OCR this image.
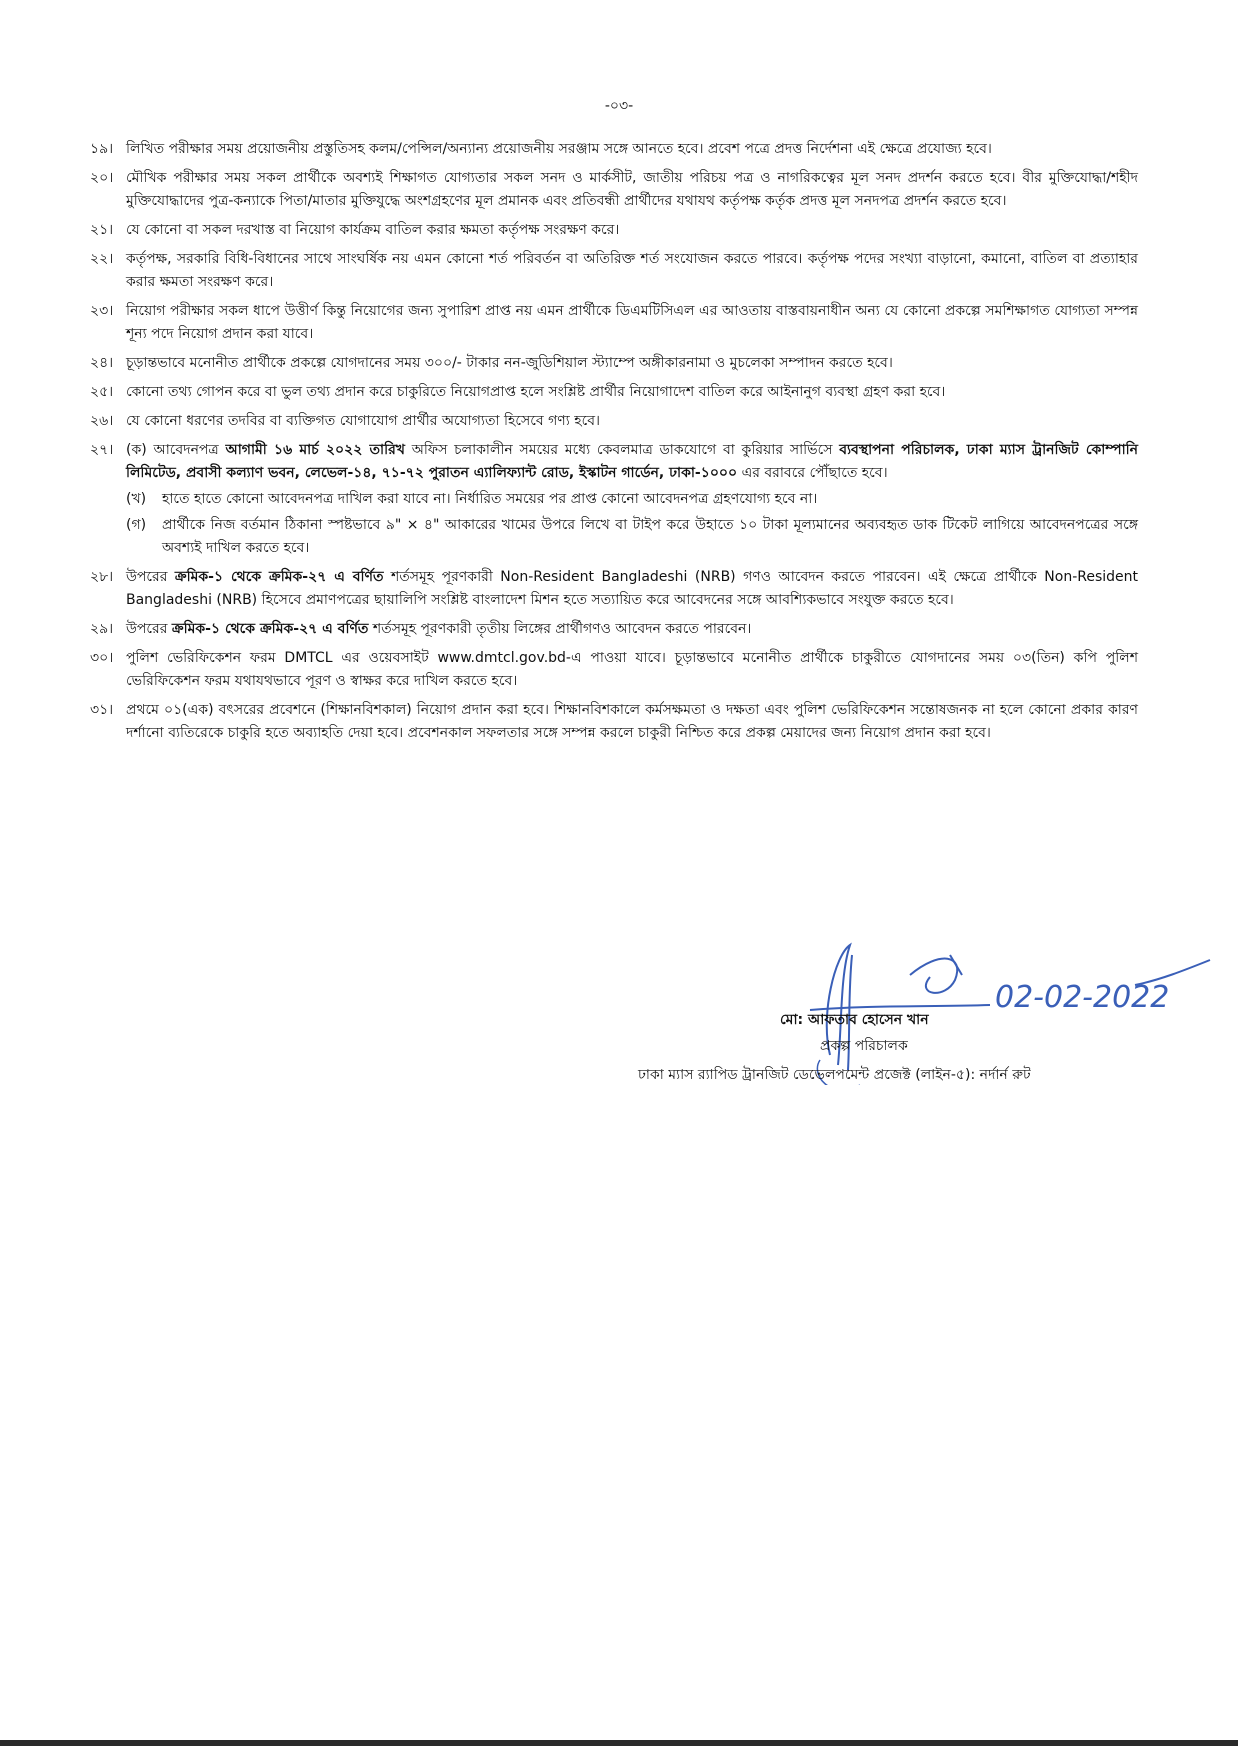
-০৩-
১৯। লিখিত পরীক্ষার সময় প্রয়োজনীয় প্রস্তুতিসহ কলম/পেন্সিল/অন্যান্য প্রয়োজনীয় সরঞ্জাম সঙ্গে আনতে হবে। প্রবেশ পত্রে প্রদত্ত নির্দেশনা এই ক্ষেত্রে প্রযোজ্য হবে।
২০। মৌখিক পরীক্ষার সময় সকল প্রার্থীকে অবশ্যই শিক্ষাগত যোগ্যতার সকল সনদ ও মার্কসীট, জাতীয় পরিচয় পত্র ও নাগরিকত্বের মূল সনদ প্রদর্শন করতে হবে। বীর মুক্তিযোদ্ধা/শহীদ মুক্তিযোদ্ধাদের পুত্র-কন্যাকে পিতা/মাতার মুক্তিযুদ্ধে অংশগ্রহণের মূল প্রমানক এবং প্রতিবন্ধী প্রার্থীদের যথাযথ কর্তৃপক্ষ কর্তৃক প্রদত্ত মূল সনদপত্র প্রদর্শন করতে হবে।
২১। যে কোনো বা সকল দরখাস্ত বা নিয়োগ কার্যক্রম বাতিল করার ক্ষমতা কর্তৃপক্ষ সংরক্ষণ করে।
২২। কর্তৃপক্ষ, সরকারি বিধি-বিধানের সাথে সাংঘর্ষিক নয় এমন কোনো শর্ত পরিবর্তন বা অতিরিক্ত শর্ত সংযোজন করতে পারবে। কর্তৃপক্ষ পদের সংখ্যা বাড়ানো, কমানো, বাতিল বা প্রত্যাহার করার ক্ষমতা সংরক্ষণ করে।
২৩। নিয়োগ পরীক্ষার সকল ধাপে উত্তীর্ণ কিন্তু নিয়োগের জন্য সুপারিশ প্রাপ্ত নয় এমন প্রার্থীকে ডিএমটিসিএল এর আওতায় বাস্তবায়নাধীন অন্য যে কোনো প্রকল্পে সমশিক্ষাগত যোগ্যতা সম্পন্ন শূন্য পদে নিয়োগ প্রদান করা যাবে।
২৪। চূড়ান্তভাবে মনোনীত প্রার্থীকে প্রকল্পে যোগদানের সময় ৩০০/- টাকার নন-জুডিশিয়াল স্ট্যাম্পে অঙ্গীকারনামা ও মুচলেকা সম্পাদন করতে হবে।
২৫। কোনো তথ্য গোপন করে বা ভুল তথ্য প্রদান করে চাকুরিতে নিয়োগপ্রাপ্ত হলে সংশ্লিষ্ট প্রার্থীর নিয়োগাদেশ বাতিল করে আইনানুগ ব্যবস্থা গ্রহণ করা হবে।
২৬। যে কোনো ধরণের তদবির বা ব্যক্তিগত যোগাযোগ প্রার্থীর অযোগ্যতা হিসেবে গণ্য হবে।
২৭। (ক) আবেদনপত্র আগামী ১৬ মার্চ ২০২২ তারিখ অফিস চলাকালীন সময়ের মধ্যে কেবলমাত্র ডাকযোগে বা কুরিয়ার সার্ভিসে ব্যবস্থাপনা পরিচালক, ঢাকা ম্যাস ট্রানজিট কোম্পানি লিমিটেড, প্রবাসী কল্যাণ ভবন, লেভেল-১৪, ৭১-৭২ পুরাতন এ্যালিফ্যান্ট রোড, ইস্কাটন গার্ডেন, ঢাকা-১০০০ এর বরাবরে পৌঁছাতে হবে।
(খ)	হাতে হাতে কোনো আবেদনপত্র দাখিল করা যাবে না। নির্ধারিত সময়ের পর প্রাপ্ত কোনো আবেদনপত্র গ্রহণযোগ্য হবে না।
(গ)	প্রার্থীকে নিজ বর্তমান ঠিকানা স্পষ্টভাবে ৯" × ৪" আকারের খামের উপরে লিখে বা টাইপ করে উহাতে ১০ টাকা মূল্যমানের অব্যবহৃত ডাক টিকেট লাগিয়ে আবেদনপত্রের সঙ্গে অবশ্যই দাখিল করতে হবে।
২৮। উপরের ক্রমিক-১ থেকে ক্রমিক-২৭ এ বর্ণিত শর্তসমূহ পূরণকারী Non-Resident Bangladeshi (NRB) গণও আবেদন করতে পারবেন। এই ক্ষেত্রে প্রার্থীকে Non-Resident Bangladeshi (NRB) হিসেবে প্রমাণপত্রের ছায়ালিপি সংশ্লিষ্ট বাংলাদেশ মিশন হতে সত্যায়িত করে আবেদনের সঙ্গে আবশ্যিকভাবে সংযুক্ত করতে হবে।
২৯। উপরের ক্রমিক-১ থেকে ক্রমিক-২৭ এ বর্ণিত শর্তসমূহ পূরণকারী তৃতীয় লিঙ্গের প্রার্থীগণও আবেদন করতে পারবেন।
৩০। পুলিশ ভেরিফিকেশন ফরম DMTCL এর ওয়েবসাইট www.dmtcl.gov.bd-এ পাওয়া যাবে। চূড়ান্তভাবে মনোনীত প্রার্থীকে চাকুরীতে যোগদানের সময় ০৩(তিন) কপি পুলিশ ভেরিফিকেশন ফরম যথাযথভাবে পূরণ ও স্বাক্ষর করে দাখিল করতে হবে।
৩১। প্রথমে ০১(এক) বৎসরের প্রবেশনে (শিক্ষানবিশকাল) নিয়োগ প্রদান করা হবে। শিক্ষানবিশকালে কর্মসক্ষমতা ও দক্ষতা এবং পুলিশ ভেরিফিকেশন সন্তোষজনক না হলে কোনো প্রকার কারণ দর্শানো ব্যতিরেকে চাকুরি হতে অব্যাহতি দেয়া হবে। প্রবেশনকাল সফলতার সঙ্গে সম্পন্ন করলে চাকুরী নিশ্চিত করে প্রকল্প মেয়াদের জন্য নিয়োগ প্রদান করা হবে।
02-02-2022
মো: আফতাব হোসেন খান
প্রকল্প পরিচালক
ঢাকা ম্যাস র‍্যাপিড ট্রানজিট ডেভেলপমেন্ট প্রজেক্ট (লাইন-৫): নর্দার্ন রুট
